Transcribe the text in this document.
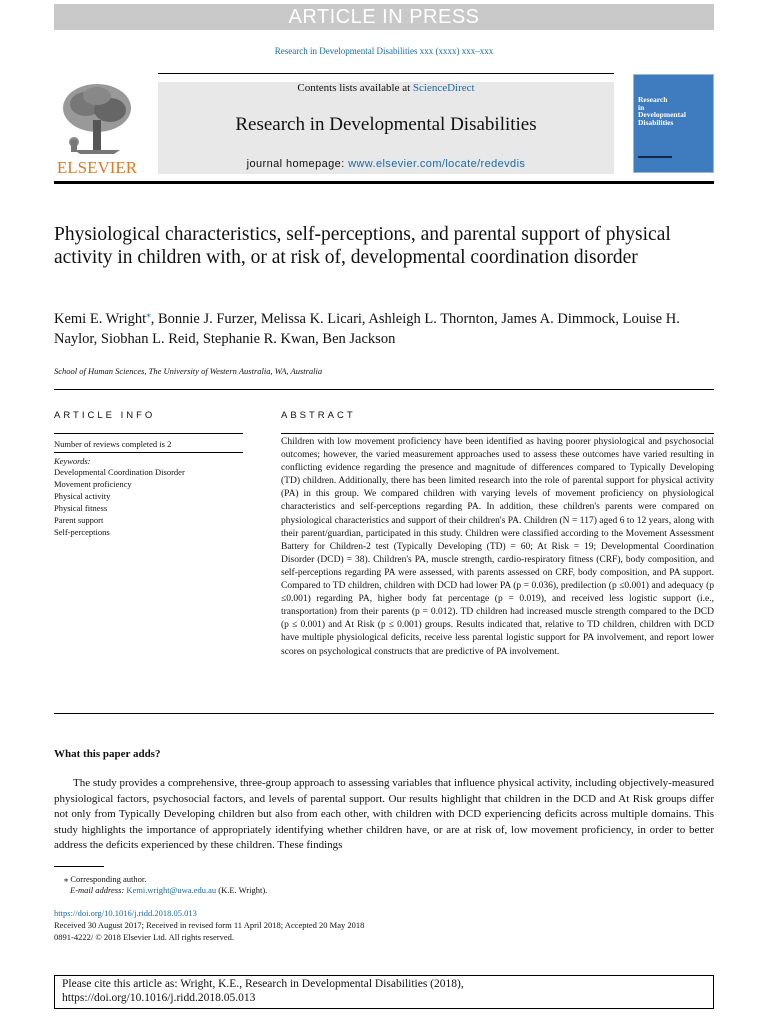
ARTICLE IN PRESS
Research in Developmental Disabilities xxx (xxxx) xxx–xxx
ELSEVIER
Contents lists available at ScienceDirect
Research in Developmental Disabilities
journal homepage: www.elsevier.com/locate/redevdis
Research
in
Developmental
Disabilities
Physiological characteristics, self-perceptions, and parental support of physical activity in children with, or at risk of, developmental coordination disorder
Kemi E. Wright⁎, Bonnie J. Furzer, Melissa K. Licari, Ashleigh L. Thornton, James A. Dimmock, Louise H. Naylor, Siobhan L. Reid, Stephanie R. Kwan, Ben Jackson
School of Human Sciences, The University of Western Australia, WA, Australia
ARTICLE INFO	ABSTRACT
Number of reviews completed is 2
Keywords:
Developmental Coordination Disorder
Movement proficiency
Physical activity
Physical fitness
Parent support
Self-perceptions
Children with low movement proficiency have been identified as having poorer physiological and psychosocial outcomes; however, the varied measurement approaches used to assess these outcomes have varied resulting in conflicting evidence regarding the presence and magnitude of differences compared to Typically Developing (TD) children. Additionally, there has been limited research into the role of parental support for physical activity (PA) in this group. We compared children with varying levels of movement proficiency on physiological characteristics and self-perceptions regarding PA. In addition, these children's parents were compared on physiological characteristics and support of their children's PA. Children (N = 117) aged 6 to 12 years, along with their parent/guardian, participated in this study. Children were classified according to the Movement Assessment Battery for Children-2 test (Typically Developing (TD) = 60; At Risk = 19; Developmental Coordination Disorder (DCD) = 38). Children's PA, muscle strength, cardio-respiratory fitness (CRF), body composition, and self-perceptions regarding PA were assessed, with parents assessed on CRF, body composition, and PA support. Compared to TD children, children with DCD had lower PA (p = 0.036), predilection (p ≤0.001) and adequacy (p ≤0.001) regarding PA, higher body fat percentage (p = 0.019), and received less logistic support (i.e., transportation) from their parents (p = 0.012). TD children had increased muscle strength compared to the DCD (p ≤ 0.001) and At Risk (p ≤ 0.001) groups. Results indicated that, relative to TD children, children with DCD have multiple physiological deficits, receive less parental logistic support for PA involvement, and report lower scores on psychological constructs that are predictive of PA involvement.
What this paper adds?
The study provides a comprehensive, three-group approach to assessing variables that influence physical activity, including objectively-measured physiological factors, psychosocial factors, and levels of parental support. Our results highlight that children in the DCD and At Risk groups differ not only from Typically Developing children but also from each other, with children with DCD experiencing deficits across multiple domains. This study highlights the importance of appropriately identifying whether children have, or are at risk of, low movement proficiency, in order to better address the deficits experienced by these children. These findings
⁎ Corresponding author.
E-mail address: Kemi.wright@uwa.edu.au (K.E. Wright).
https://doi.org/10.1016/j.ridd.2018.05.013
Received 30 August 2017; Received in revised form 11 April 2018; Accepted 20 May 2018
0891-4222/ © 2018 Elsevier Ltd. All rights reserved.
Please cite this article as: Wright, K.E., Research in Developmental Disabilities (2018),
https://doi.org/10.1016/j.ridd.2018.05.013
